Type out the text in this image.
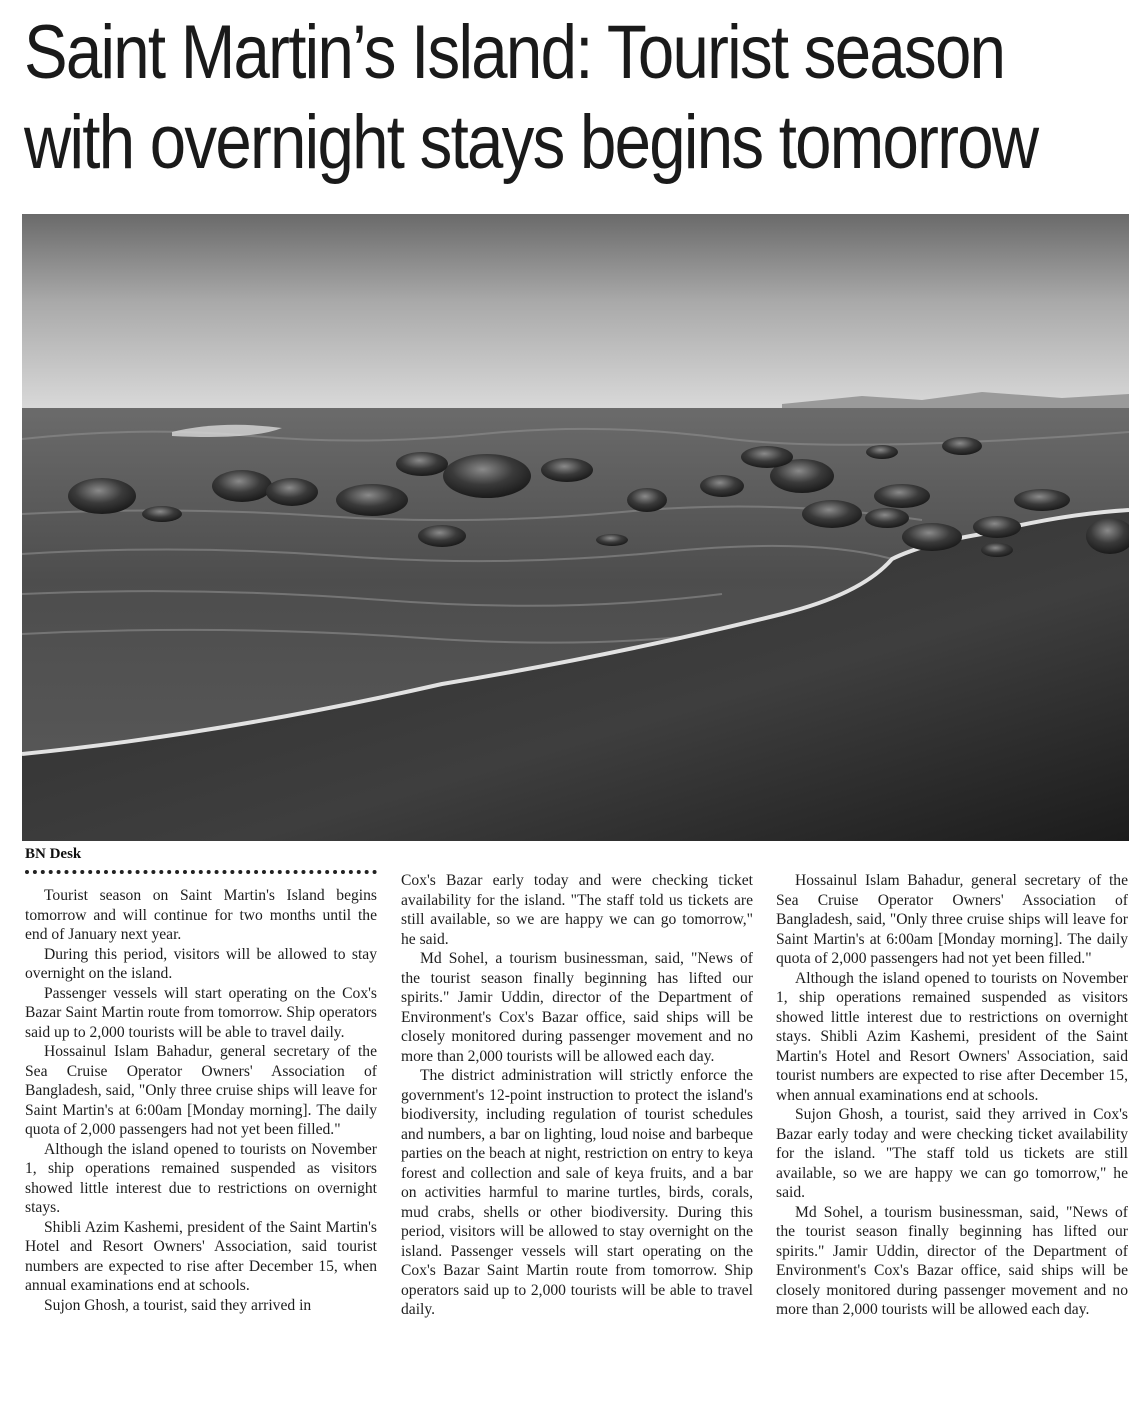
Saint Martin’s Island: Tourist season
with overnight stays begins tomorrow
BN Desk

Tourist season on Saint Martin's Island begins tomorrow and will continue for two months until the end of January next year.

During this period, visitors will be allowed to stay overnight on the island.

Passenger vessels will start operating on the Cox's Bazar Saint Martin route from tomorrow. Ship operators said up to 2,000 tourists will be able to travel daily.

Hossainul Islam Bahadur, general secretary of the Sea Cruise Operator Owners' Association of Bangladesh, said, "Only three cruise ships will leave for Saint Martin's at 6:00am [Monday morning]. The daily quota of 2,000 passengers had not yet been filled."

Although the island opened to tourists on November 1, ship operations remained suspended as visitors showed little interest due to restrictions on overnight stays.

Shibli Azim Kashemi, president of the Saint Martin's Hotel and Resort Owners' Association, said tourist numbers are expected to rise after December 15, when annual examinations end at schools.

Sujon Ghosh, a tourist, said they arrived in

Cox's Bazar early today and were checking ticket availability for the island. "The staff told us tickets are still available, so we are happy we can go tomorrow," he said.

Md Sohel, a tourism businessman, said, "News of the tourist season finally beginning has lifted our spirits." Jamir Uddin, director of the Department of Environment's Cox's Bazar office, said ships will be closely monitored during passenger movement and no more than 2,000 tourists will be allowed each day.

The district administration will strictly enforce the government's 12-point instruction to protect the island's biodiversity, including regulation of tourist schedules and numbers, a bar on lighting, loud noise and barbeque parties on the beach at night, restriction on entry to keya forest and collection and sale of keya fruits, and a bar on activities harmful to marine turtles, birds, corals, mud crabs, shells or other biodiversity. During this period, visitors will be allowed to stay overnight on the island. Passenger vessels will start operating on the Cox's Bazar Saint Martin route from tomorrow. Ship operators said up to 2,000 tourists will be able to travel daily.

Hossainul Islam Bahadur, general secretary of the Sea Cruise Operator Owners' Association of Bangladesh, said, "Only three cruise ships will leave for Saint Martin's at 6:00am [Monday morning]. The daily quota of 2,000 passengers had not yet been filled."

Although the island opened to tourists on November 1, ship operations remained suspended as visitors showed little interest due to restrictions on overnight stays. Shibli Azim Kashemi, president of the Saint Martin's Hotel and Resort Owners' Association, said tourist numbers are expected to rise after December 15, when annual examinations end at schools.

Sujon Ghosh, a tourist, said they arrived in Cox's Bazar early today and were checking ticket availability for the island. "The staff told us tickets are still available, so we are happy we can go tomorrow," he said.

Md Sohel, a tourism businessman, said, "News of the tourist season finally beginning has lifted our spirits." Jamir Uddin, director of the Department of Environment's Cox's Bazar office, said ships will be closely monitored during passenger movement and no more than 2,000 tourists will be allowed each day.
